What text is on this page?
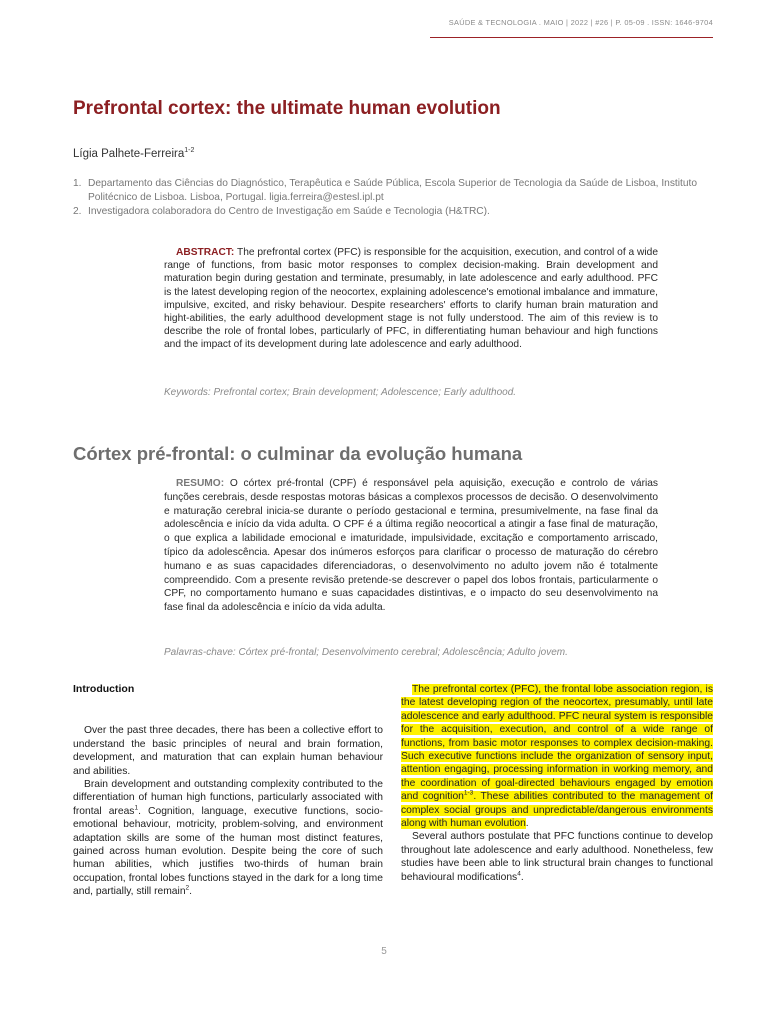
SAÚDE & TECNOLOGIA . MAIO | 2022 | #26 | P. 05-09 . ISSN: 1646-9704
Prefrontal cortex: the ultimate human evolution
Lígia Palhete-Ferreira$^{1-2}$
1. Departamento das Ciências do Diagnóstico, Terapêutica e Saúde Pública, Escola Superior de Tecnologia da Saúde de Lisboa, Instituto Politécnico de Lisboa. Lisboa, Portugal. ligia.ferreira@estesl.ipl.pt
2. Investigadora colaboradora do Centro de Investigação em Saúde e Tecnologia (H&TRC).

ABSTRACT: The prefrontal cortex (PFC) is responsible for the acquisition, execution, and control of a wide range of functions, from basic motor responses to complex decision-making. Brain development and maturation begin during gestation and terminate, presumably, in late adolescence and early adulthood. PFC is the latest developing region of the neocortex, explaining adolescence's emotional imbalance and immature, impulsive, excited, and risky behaviour. Despite researchers' efforts to clarify human brain maturation and hight-abilities, the early adulthood development stage is not fully understood. The aim of this review is to describe the role of frontal lobes, particularly of PFC, in differentiating human behaviour and high functions and the impact of its development during late adolescence and early adulthood.

Keywords: Prefrontal cortex; Brain development; Adolescence; Early adulthood.
Córtex pré-frontal: o culminar da evolução humana

RESUMO: O córtex pré-frontal (CPF) é responsável pela aquisição, execução e controlo de várias funções cerebrais, desde respostas motoras básicas a complexos processos de decisão. O desenvolvimento e maturação cerebral inicia-se durante o período gestacional e termina, presumivelmente, na fase final da adolescência e início da vida adulta. O CPF é a última região neocortical a atingir a fase final de maturação, o que explica a labilidade emocional e imaturidade, impulsividade, excitação e comportamento arriscado, típico da adolescência. Apesar dos inúmeros esforços para clarificar o processo de maturação do cérebro humano e as suas capacidades diferenciadoras, o desenvolvimento no adulto jovem não é totalmente compreendido. Com a presente revisão pretende-se descrever o papel dos lobos frontais, particularmente o CPF, no comportamento humano e suas capacidades distintivas, e o impacto do seu desenvolvimento na fase final da adolescência e início da vida adulta.

Palavras-chave: Córtex pré-frontal; Desenvolvimento cerebral; Adolescência; Adulto jovem.
Introduction

Over the past three decades, there has been a collective effort to understand the basic principles of neural and brain formation, development, and maturation that can explain human behaviour and abilities.

Brain development and outstanding complexity contributed to the differentiation of human high functions, particularly associated with frontal areas$^1$. Cognition, language, executive functions, socio-emotional behaviour, motricity, problem-solving, and environment adaptation skills are some of the human most distinct features, gained across human evolution. Despite being the core of such human abilities, which justifies two-thirds of human brain occupation, frontal lobes functions stayed in the dark for a long time and, partially, still remain$^2$.

The prefrontal cortex (PFC), the frontal lobe association region, is the latest developing region of the neocortex, presumably, until late adolescence and early adulthood. PFC neural system is responsible for the acquisition, execution, and control of a wide range of functions, from basic motor responses to complex decision-making. Such executive functions include the organization of sensory input, attention engaging, processing information in working memory, and the coordination of goal-directed behaviours engaged by emotion and cognition$^{1-3}$. These abilities contributed to the management of complex social groups and unpredictable/dangerous environments along with human evolution.

Several authors postulate that PFC functions continue to develop throughout late adolescence and early adulthood. Nonetheless, few studies have been able to link structural brain changes to functional behavioural modifications$^4$.

5
